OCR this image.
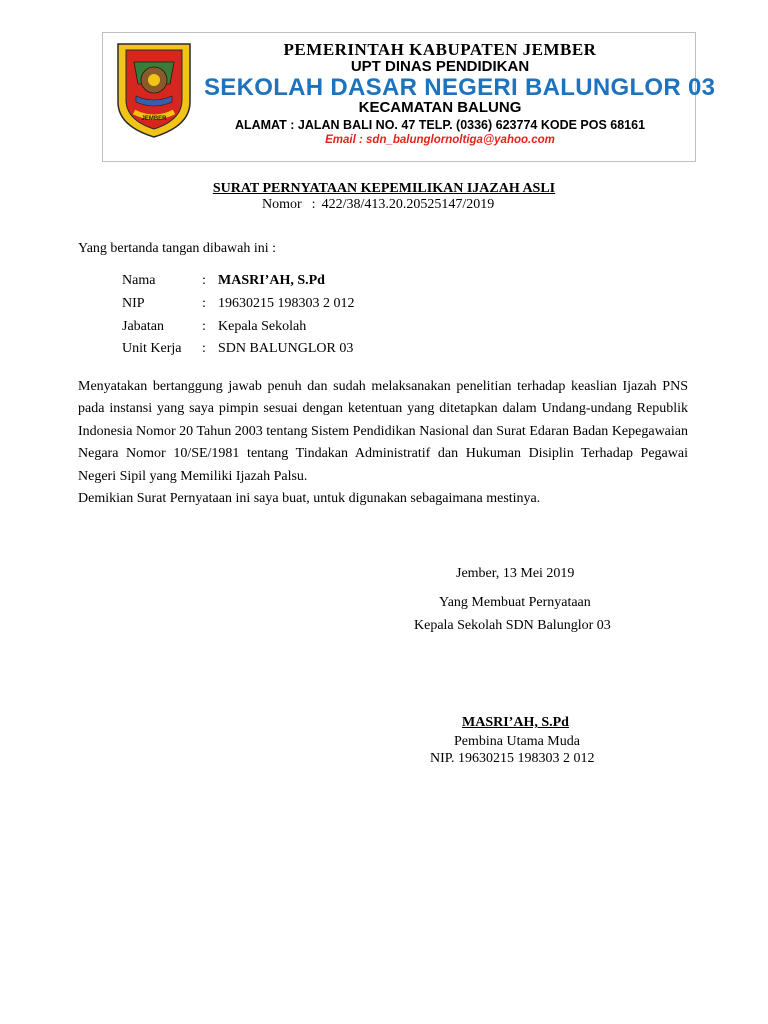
JEMBER
PEMERINTAH KABUPATEN JEMBER
UPT DINAS PENDIDIKAN
SEKOLAH DASAR NEGERI BALUNGLOR 03
KECAMATAN BALUNG
ALAMAT : JALAN BALI NO. 47 TELP. (0336) 623774 KODE POS 68161
Email : sdn_balunglornoltiga@yahoo.com
SURAT PERNYATAAN KEPEMILIKAN IJAZAH ASLI
Nomor : 422/38/413.20.20525147/2019
Yang bertanda tangan dibawah ini :
Nama	: MASRI’AH, S.Pd
NIP	: 19630215 198303 2 012
Jabatan	: Kepala Sekolah
Unit Kerja	: SDN BALUNGLOR 03

Menyatakan bertanggung jawab penuh dan sudah melaksanakan penelitian terhadap keaslian Ijazah PNS pada instansi yang saya pimpin sesuai dengan ketentuan yang ditetapkan dalam Undang-undang Republik Indonesia Nomor 20 Tahun 2003 tentang Sistem Pendidikan Nasional dan Surat Edaran Badan Kepegawaian Negara Nomor 10/SE/1981 tentang Tindakan Administratif dan Hukuman Disiplin Terhadap Pegawai Negeri Sipil yang Memiliki Ijazah Palsu.

Demikian Surat Pernyataan ini saya buat, untuk digunakan sebagaimana mestinya.

Jember, 13 Mei 2019
Yang Membuat Pernyataan
Kepala Sekolah SDN Balunglor 03
MASRI’AH, S.Pd
Pembina Utama Muda
NIP. 19630215 198303 2 012
